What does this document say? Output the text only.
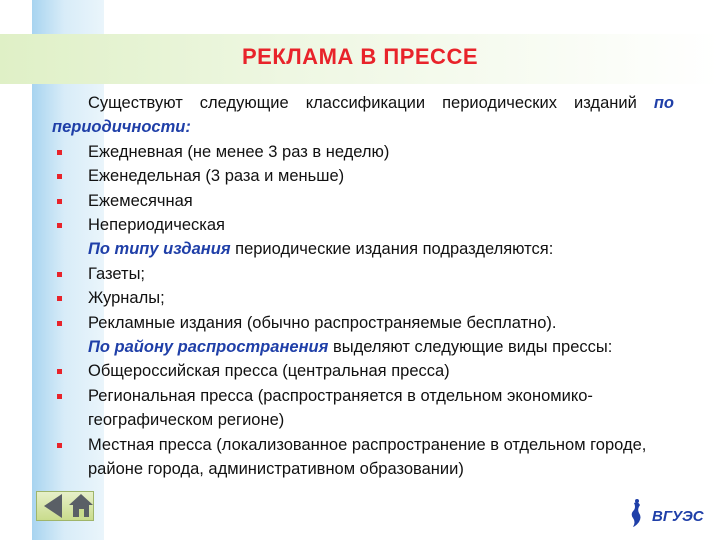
РЕКЛАМА В ПРЕССЕ
Существуют следующие классификации периодических изданий по периодичности:
Ежедневная (не менее 3 раз в неделю)
Еженедельная (3 раза и меньше)
Ежемесячная
Непериодическая
По типу издания периодические издания подразделяются:
Газеты;
Журналы;
Рекламные издания (обычно распространяемые бесплатно).
По району распространения выделяют следующие виды прессы:
Общероссийская пресса (центральная пресса)
Региональная пресса (распространяется в отдельном экономико-географическом регионе)
Местная пресса (локализованное распространение в отдельном городе, районе города, административном образовании)
ВГУЭС
